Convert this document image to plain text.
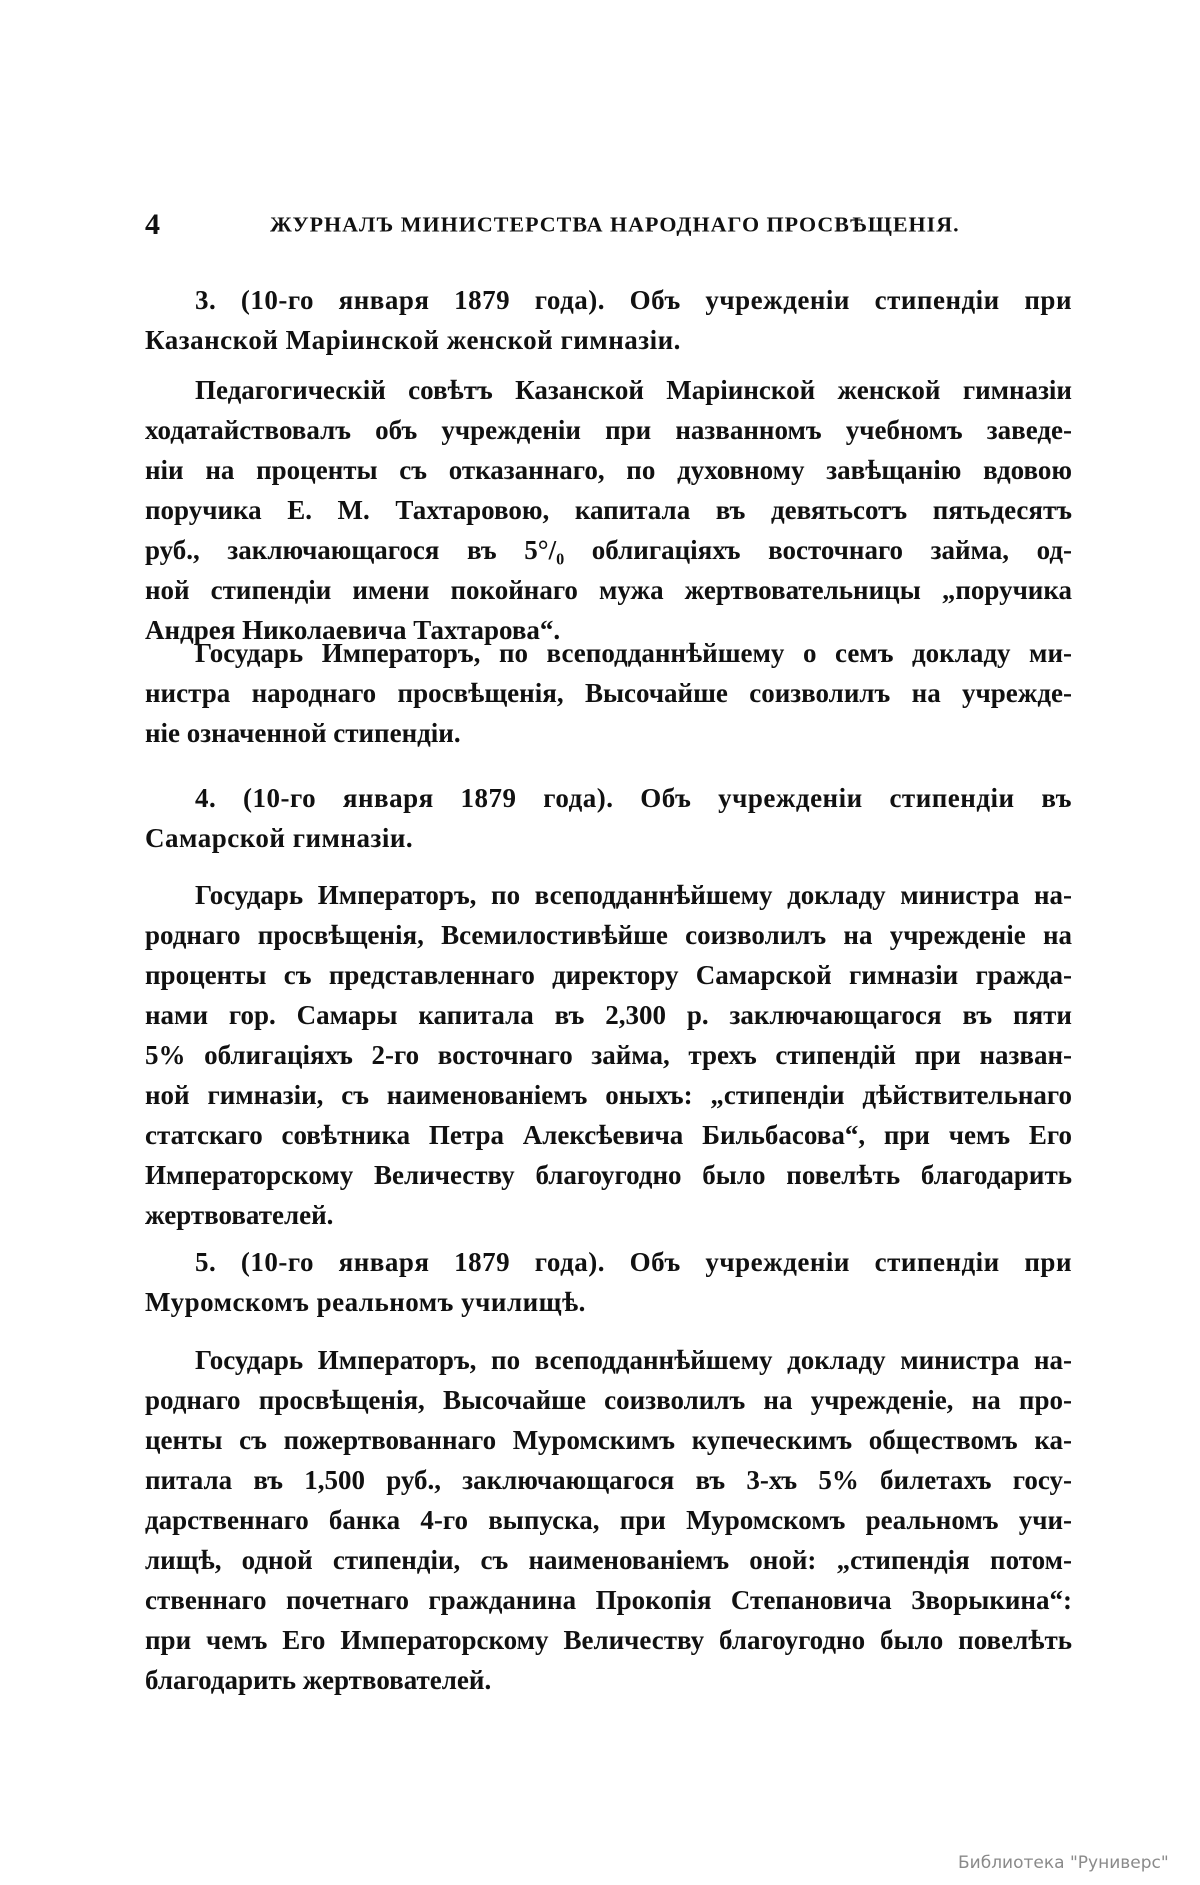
4	ЖУРНАЛЪ МИНИСТЕРСТВА НАРОДНАГО ПРОСВѢЩЕНІЯ.
3. (10-го января 1879 года). Объ учрежденіи стипендіи при
Казанской Маріинской женской гимназіи.
Педагогическій совѣтъ Казанской Маріинской женской гимназіи
ходатайствовалъ объ учрежденіи при названномъ учебномъ заведе-
ніи на проценты съ отказаннаго, по духовному завѣщанію вдовою
поручика Е. М. Тахтаровою, капитала въ девятьсотъ пятьдесятъ
руб., заключающагося въ 5°/₀ облигаціяхъ восточнаго займа, од-
ной стипендіи имени покойнаго мужа жертвовательницы „поручика
Андрея Николаевича Тахтарова“.
Государь Императоръ, по всеподданнѣйшему о семъ докладу ми-
нистра народнаго просвѣщенія, Высочайше соизволилъ на учрежде-
ніе означенной стипендіи.
4. (10-го января 1879 года). Объ учрежденіи стипендіи въ
Самарской гимназіи.
Государь Императоръ, по всеподданнѣйшему докладу министра на-
роднаго просвѣщенія, Всемилостивѣйше соизволилъ на учрежденіе на
проценты съ представленнаго директору Самарской гимназіи гражда-
нами гор. Самары капитала въ 2,300 р. заключающагося въ пяти
5% облигаціяхъ 2-го восточнаго займа, трехъ стипендій при назван-
ной гимназіи, съ наименованіемъ оныхъ: „стипендіи дѣйствительнаго
статскаго совѣтника Петра Алексѣевича Бильбасова“, при чемъ Его
Императорскому Величеству благоугодно было повелѣть благодарить
жертвователей.
5. (10-го января 1879 года). Объ учрежденіи стипендіи при
Муромскомъ реальномъ училищѣ.
Государь Императоръ, по всеподданнѣйшему докладу министра на-
роднаго просвѣщенія, Высочайше соизволилъ на учрежденіе, на про-
центы съ пожертвованнаго Муромскимъ купеческимъ обществомъ ка-
питала въ 1,500 руб., заключающагося въ 3-хъ 5% билетахъ госу-
дарственнаго банка 4-го выпуска, при Муромскомъ реальномъ учи-
лищѣ, одной стипендіи, съ наименованіемъ оной: „стипендія потом-
ственнаго почетнаго гражданина Прокопія Степановича Зворыкина“:
при чемъ Его Императорскому Величеству благоугодно было повелѣть
благодарить жертвователей.
Библиотека "Руниверс"
